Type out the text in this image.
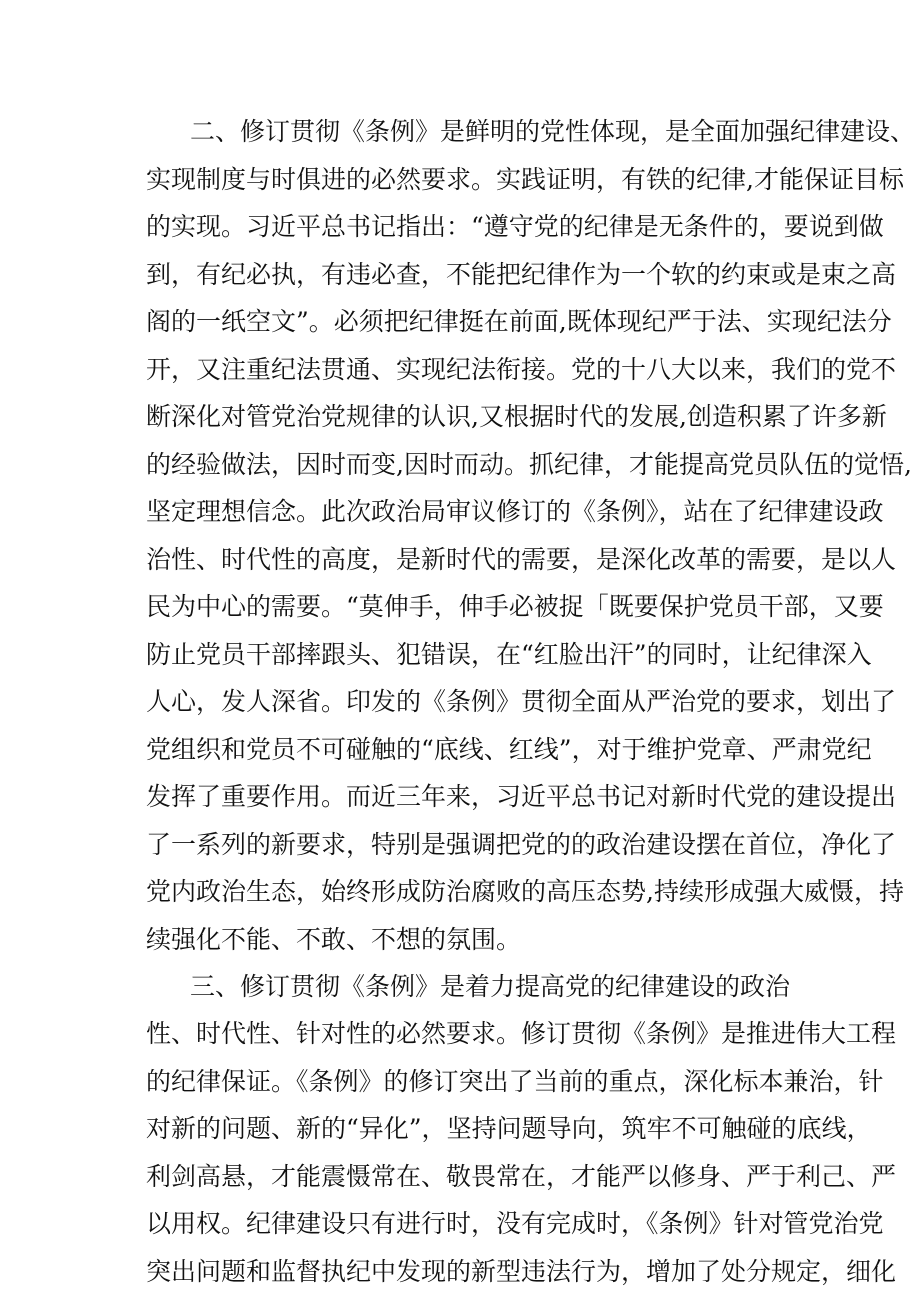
二、修订贯彻《条例》是鲜明的党性体现，是全面加强纪律建设、
实现制度与时俱进的必然要求。实践证明，有铁的纪律,才能保证目标
的实现。习近平总书记指出：“遵守党的纪律是无条件的，要说到做
到，有纪必执，有违必查，不能把纪律作为一个软的约束或是束之高
阁的一纸空文”。必须把纪律挺在前面,既体现纪严于法、实现纪法分
开，又注重纪法贯通、实现纪法衔接。党的十八大以来，我们的党不
断深化对管党治党规律的认识,又根据时代的发展,创造积累了许多新
的经验做法，因时而变,因时而动。抓纪律，才能提高党员队伍的觉悟,
坚定理想信念。此次政治局审议修订的《条例》，站在了纪律建设政
治性、时代性的高度，是新时代的需要，是深化改革的需要，是以人
民为中心的需要。“莫伸手，伸手必被捉「既要保护党员干部，又要
防止党员干部摔跟头、犯错误，在“红脸出汗”的同时，让纪律深入
人心，发人深省。印发的《条例》贯彻全面从严治党的要求，划出了
党组织和党员不可碰触的“底线、红线”，对于维护党章、严肃党纪
发挥了重要作用。而近三年来，习近平总书记对新时代党的建设提出
了一系列的新要求，特别是强调把党的的政治建设摆在首位，净化了
党内政治生态，始终形成防治腐败的高压态势,持续形成强大威慑，持
续强化不能、不敢、不想的氛围。
三、修订贯彻《条例》是着力提高党的纪律建设的政治
性、时代性、针对性的必然要求。修订贯彻《条例》是推进伟大工程
的纪律保证。《条例》的修订突出了当前的重点，深化标本兼治，针
对新的问题、新的“异化”，坚持问题导向，筑牢不可触碰的底线，
利剑高悬，才能震慑常在、敬畏常在，才能严以修身、严于利己、严
以用权。纪律建设只有进行时，没有完成时，《条例》针对管党治党
突出问题和监督执纪中发现的新型违法行为，增加了处分规定，细化
